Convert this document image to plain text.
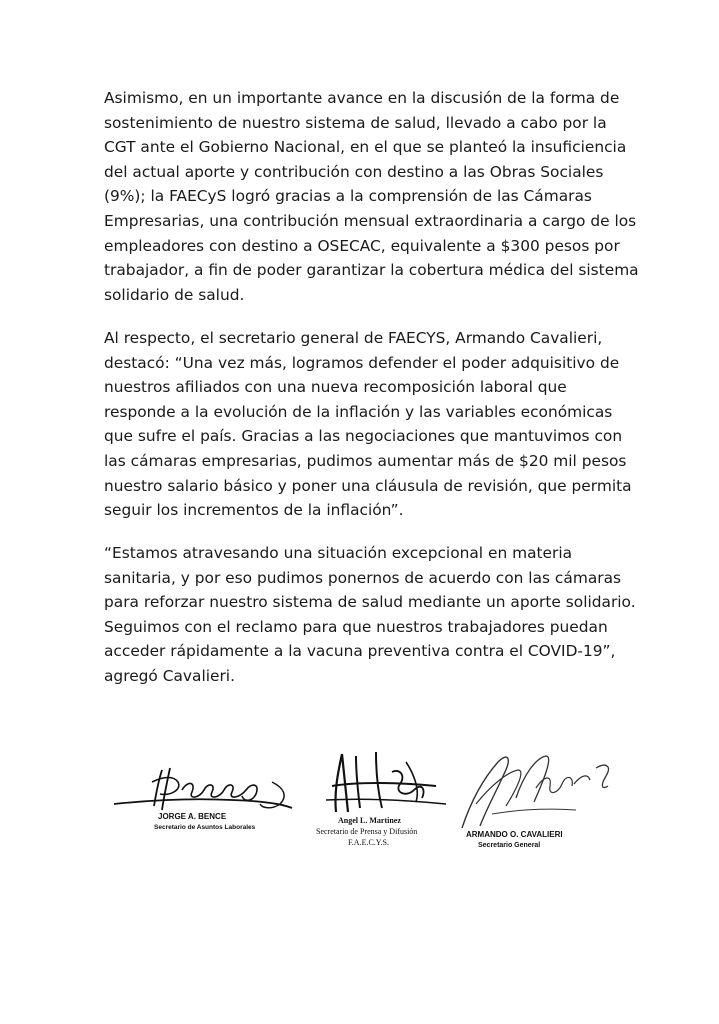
Asimismo, en un importante avance en la discusión de la forma de
sostenimiento de nuestro sistema de salud, llevado a cabo por la
CGT ante el Gobierno Nacional, en el que se planteó la insuficiencia
del actual aporte y contribución con destino a las Obras Sociales
(9%); la FAECyS logró gracias a la comprensión de las Cámaras
Empresarias, una contribución mensual extraordinaria a cargo de los
empleadores con destino a OSECAC, equivalente a $300 pesos por
trabajador, a fin de poder garantizar la cobertura médica del sistema
solidario de salud.

Al respecto, el secretario general de FAECYS, Armando Cavalieri,
destacó: “Una vez más, logramos defender el poder adquisitivo de
nuestros afiliados con una nueva recomposición laboral que
responde a la evolución de la inflación y las variables económicas
que sufre el país. Gracias a las negociaciones que mantuvimos con
las cámaras empresarias, pudimos aumentar más de $20 mil pesos
nuestro salario básico y poner una cláusula de revisión, que permita
seguir los incrementos de la inflación”.

“Estamos atravesando una situación excepcional en materia
sanitaria, y por eso pudimos ponernos de acuerdo con las cámaras
para reforzar nuestro sistema de salud mediante un aporte solidario.
Seguimos con el reclamo para que nuestros trabajadores puedan
acceder rápidamente a la vacuna preventiva contra el COVID-19”,
agregó Cavalieri.

JORGE A. BENCE
Secretario de Asuntos Laborales
Angel L. Martinez
Secretario de Prensa y Difusión
F.A.E.C.Y.S.
ARMANDO O. CAVALIERI
Secretario General
